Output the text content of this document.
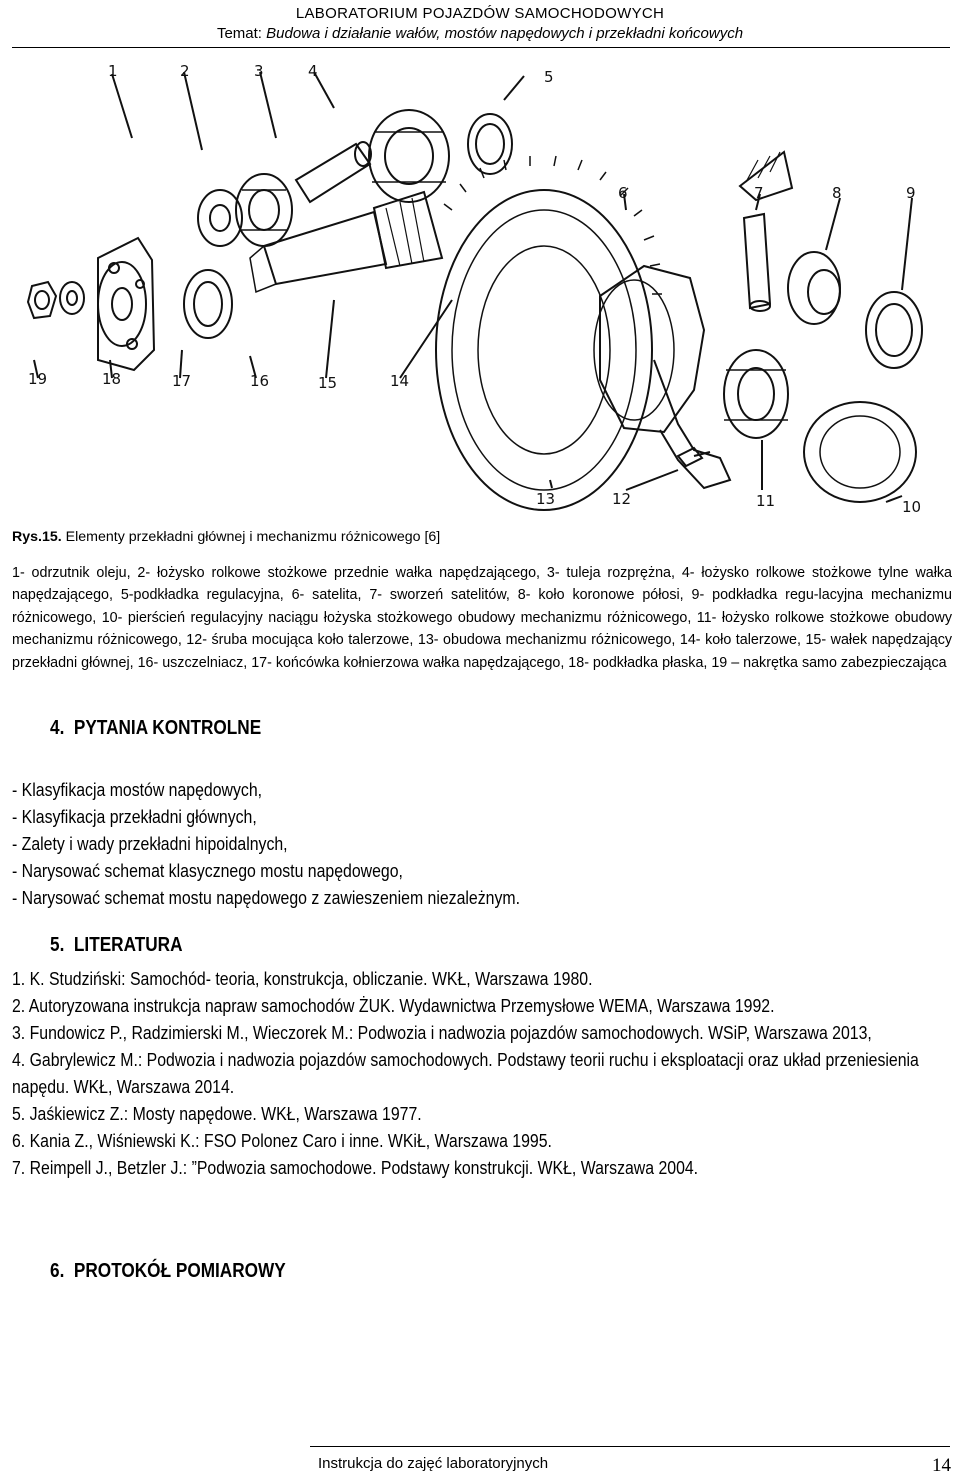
LABORATORIUM POJAZDÓW SAMOCHODOWYCH
Temat: Budowa i działanie wałów, mostów napędowych i przekładni końcowych
1	2	3	4	5
6	7	8	9
10
11
12
13
14
15
16
17
18
19
Rys.15. Elementy przekładni głównej i mechanizmu różnicowego [6]
1- odrzutnik oleju, 2- łożysko rolkowe stożkowe przednie wałka napędzającego, 3- tuleja rozprężna, 4- łożysko rolkowe stożkowe tylne wałka napędzającego, 5-podkładka regulacyjna, 6- satelita, 7- sworzeń satelitów, 8- koło koronowe półosi, 9- podkładka regu-lacyjna mechanizmu różnicowego, 10- pierścień regulacyjny naciągu łożyska stożkowego obudowy mechanizmu różnicowego, 11- łożysko rolkowe stożkowe obudowy mechanizmu różnicowego, 12- śruba mocująca koło talerzowe, 13- obudowa mechanizmu różnicowego, 14- koło talerzowe, 15- wałek napędzający przekładni głównej, 16- uszczelniacz, 17- końcówka kołnierzowa wałka napędzającego, 18- podkładka płaska, 19 – nakrętka samo zabezpieczająca
4. PYTANIA KONTROLNE
- Klasyfikacja mostów napędowych,
- Klasyfikacja przekładni głównych,
- Zalety i wady przekładni hipoidalnych,
- Narysować schemat klasycznego mostu napędowego,
- Narysować schemat mostu napędowego z zawieszeniem niezależnym.
5. LITERATURA
1. K. Studziński: Samochód- teoria, konstrukcja, obliczanie. WKŁ, Warszawa 1980.
2. Autoryzowana instrukcja napraw samochodów ŻUK. Wydawnictwa Przemysłowe WEMA, Warszawa 1992.
3. Fundowicz P., Radzimierski M., Wieczorek M.: Podwozia i nadwozia pojazdów samochodowych. WSiP, Warszawa 2013,
4. Gabrylewicz M.: Podwozia i nadwozia pojazdów samochodowych. Podstawy teorii ruchu i eksploatacji oraz układ przeniesienia napędu. WKŁ, Warszawa 2014.
5. Jaśkiewicz Z.: Mosty napędowe. WKŁ, Warszawa 1977.
6. Kania Z., Wiśniewski K.: FSO Polonez Caro i inne. WKiŁ, Warszawa 1995.
7. Reimpell J., Betzler J.: ”Podwozia samochodowe. Podstawy konstrukcji. WKŁ, Warszawa 2004.
6. PROTOKÓŁ POMIAROWY
Instrukcja do zajęć laboratoryjnych	14
